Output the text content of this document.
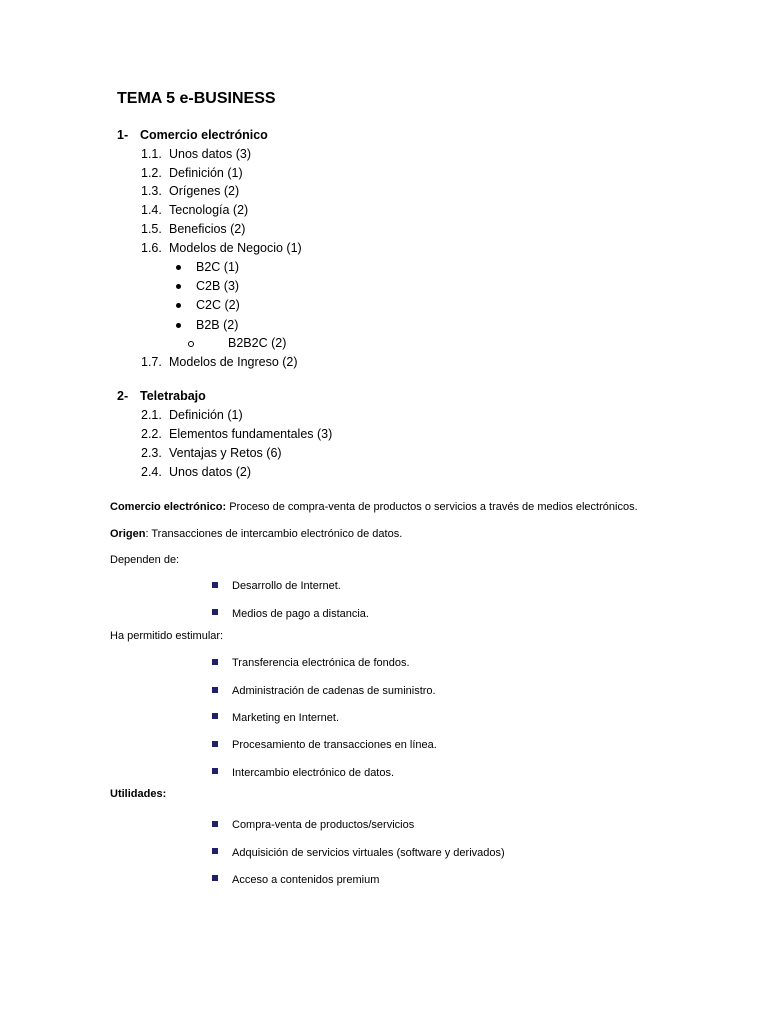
TEMA 5 e-BUSINESS
1- Comercio electrónico
1.1. Unos datos (3)
1.2. Definición (1)
1.3. Orígenes (2)
1.4. Tecnología (2)
1.5. Beneficios (2)
1.6. Modelos de Negocio (1)
B2C (1)
C2B (3)
C2C (2)
B2B (2)
B2B2C (2)
1.7. Modelos de Ingreso (2)
2- Teletrabajo
2.1. Definición (1)
2.2. Elementos fundamentales (3)
2.3. Ventajas y Retos (6)
2.4. Unos datos (2)
Comercio electrónico: Proceso de compra-venta de productos o servicios a través de medios electrónicos.
Origen: Transacciones de intercambio electrónico de datos.
Dependen de:
Desarrollo de Internet.
Medios de pago a distancia.
Ha permitido estimular:
Transferencia electrónica de fondos.
Administración de cadenas de suministro.
Marketing en Internet.
Procesamiento de transacciones en línea.
Intercambio electrónico de datos.
Utilidades:
Compra-venta de productos/servicios
Adquisición de servicios virtuales (software y derivados)
Acceso a contenidos premium
